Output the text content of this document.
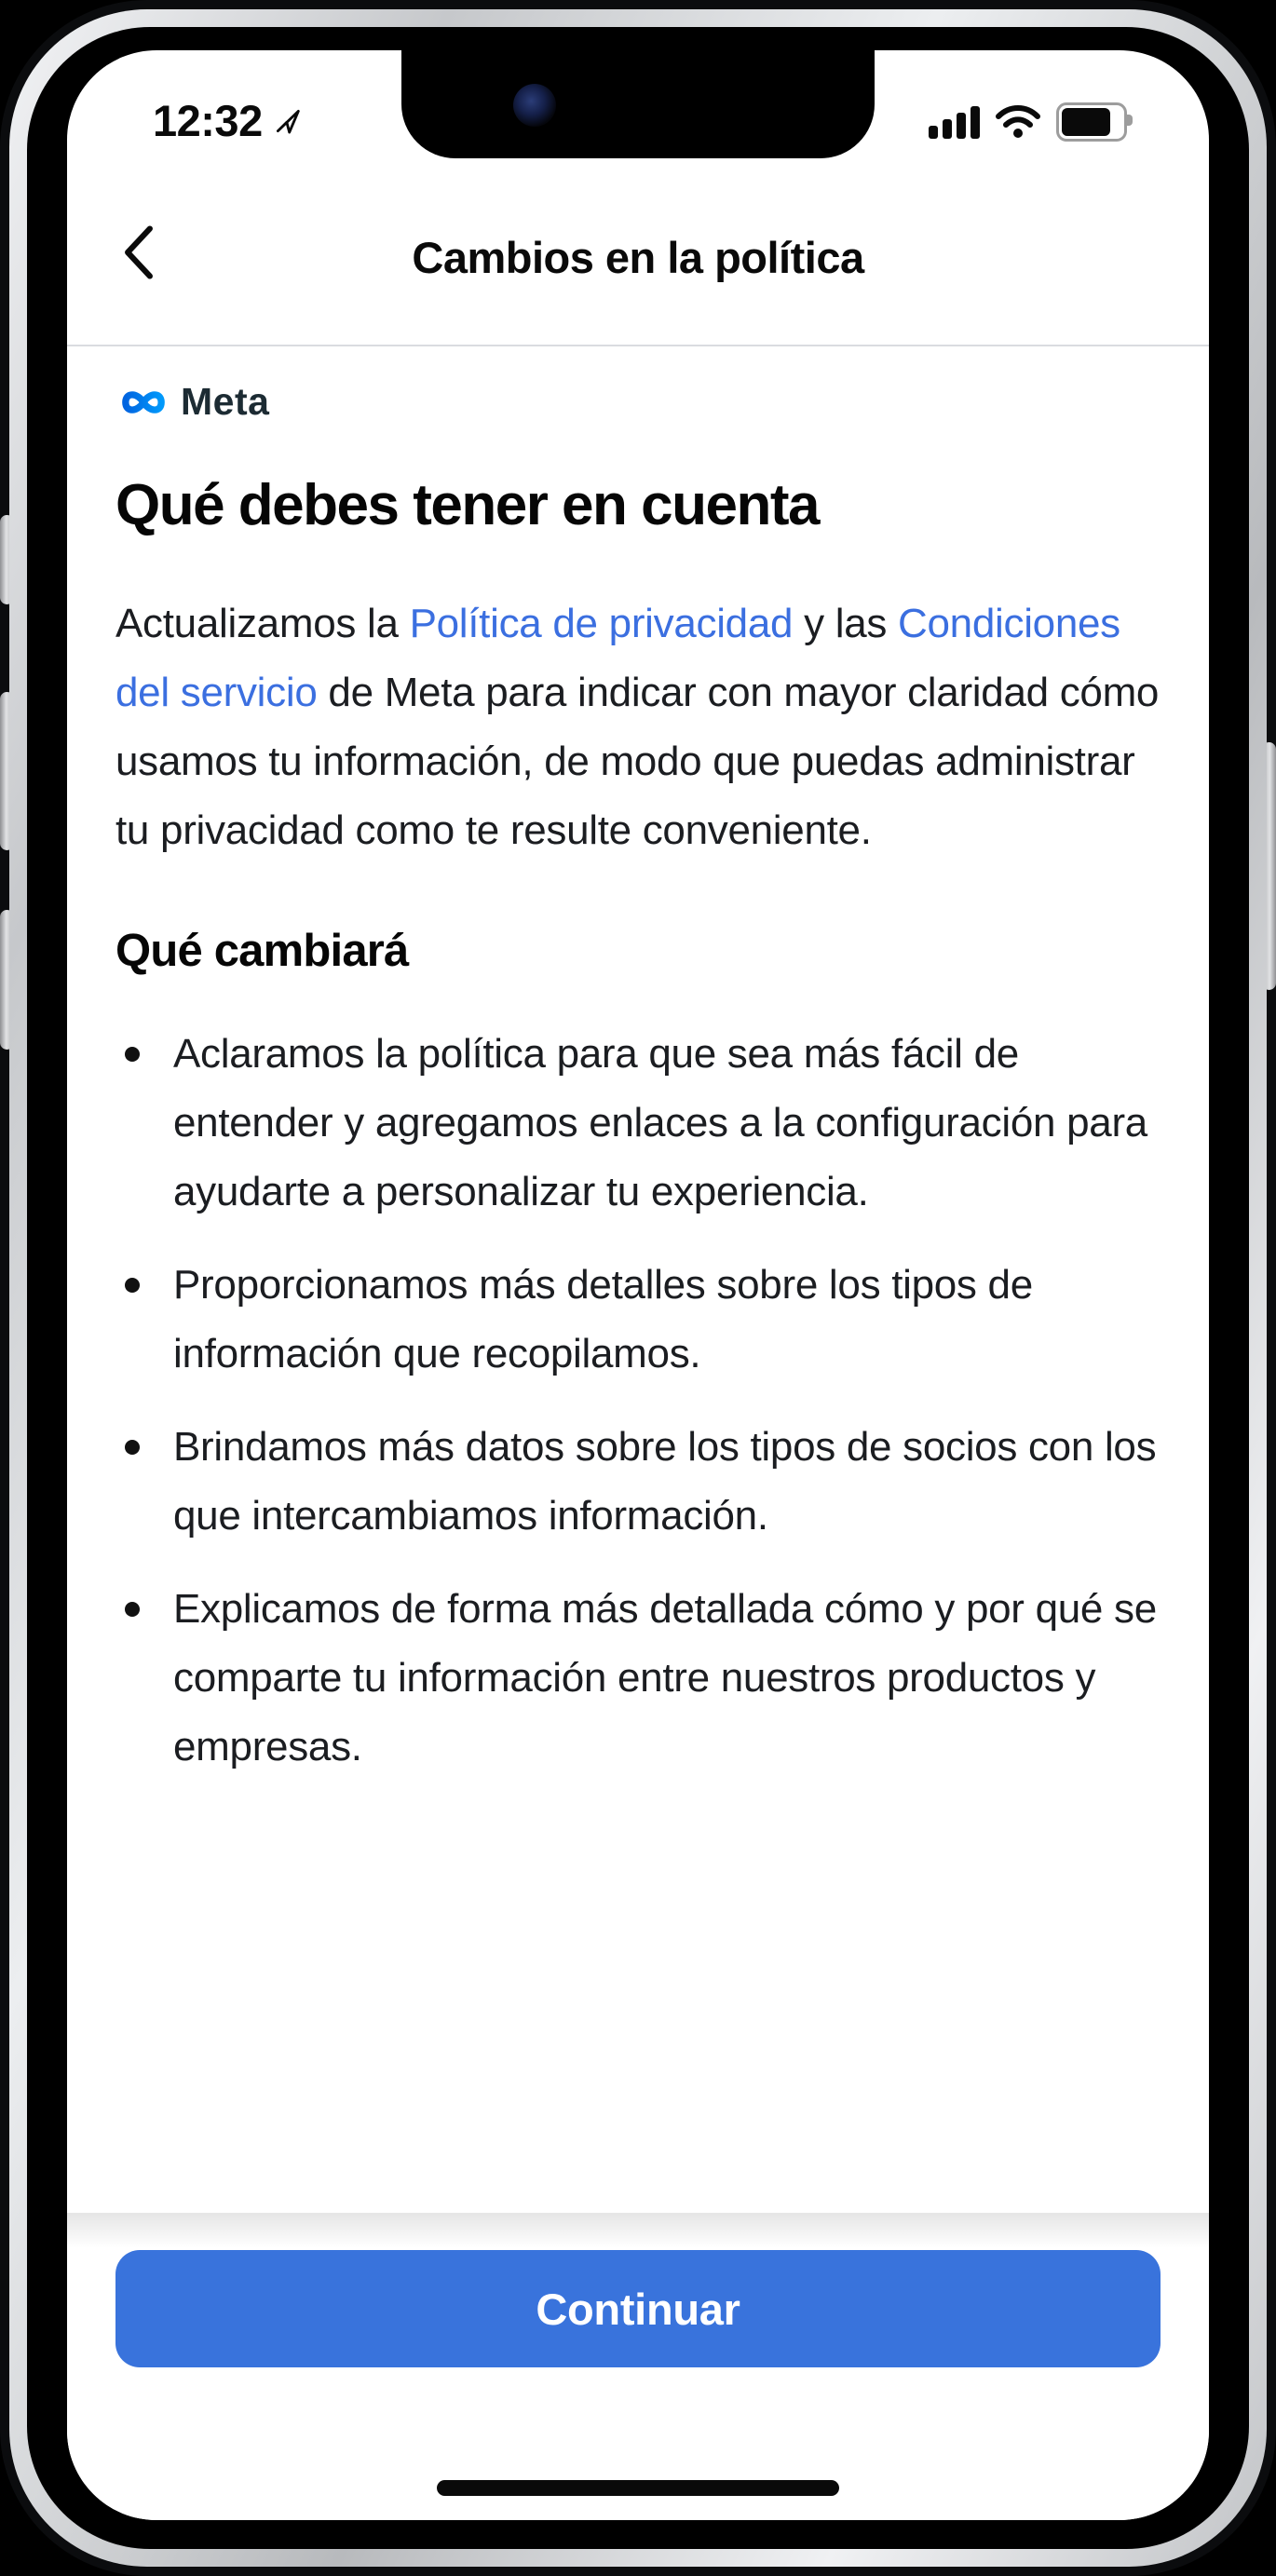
12:32
Cambios en la política
Meta
Qué debes tener en cuenta

Actualizamos la Política de privacidad y las Condiciones del servicio de Meta para indicar con mayor claridad cómo usamos tu información, de modo que puedas administrar tu privacidad como te resulte conveniente.

Qué cambiará
Aclaramos la política para que sea más fácil de entender y agregamos enlaces a la configuración para ayudarte a personalizar tu experiencia.
Proporcionamos más detalles sobre los tipos de información que recopilamos.
Brindamos más datos sobre los tipos de socios con los que intercambiamos información.
Explicamos de forma más detallada cómo y por qué se comparte tu información entre nuestros productos y empresas.
Continuar
